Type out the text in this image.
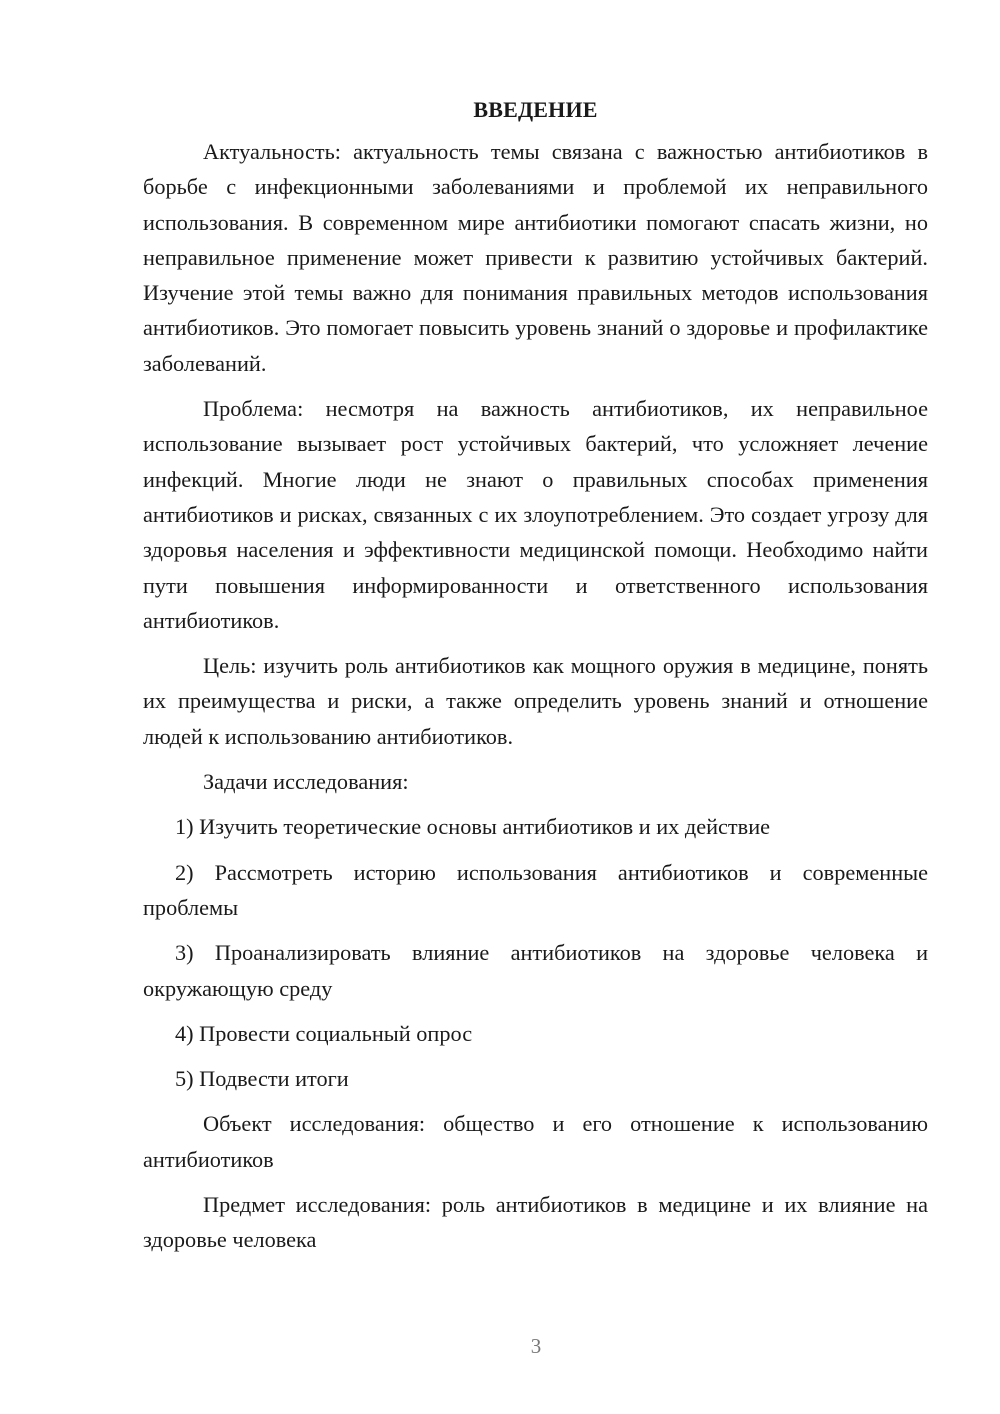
ВВЕДЕНИЕ

Актуальность: актуальность темы связана с важностью антибиотиков в борьбе с инфекционными заболеваниями и проблемой их неправильного использования. В современном мире антибиотики помогают спасать жизни, но неправильное применение может привести к развитию устойчивых бактерий. Изучение этой темы важно для понимания правильных методов использования антибиотиков. Это помогает повысить уровень знаний о здоровье и профилактике заболеваний.

Проблема: несмотря на важность антибиотиков, их неправильное использование вызывает рост устойчивых бактерий, что усложняет лечение инфекций. Многие люди не знают о правильных способах применения антибиотиков и рисках, связанных с их злоупотреблением. Это создает угрозу для здоровья населения и эффективности медицинской помощи. Необходимо найти пути повышения информированности и ответственного использования антибиотиков.

Цель: изучить роль антибиотиков как мощного оружия в медицине, понять их преимущества и риски, а также определить уровень знаний и отношение людей к использованию антибиотиков.

Задачи исследования:

1) Изучить теоретические основы антибиотиков и их действие

2) Рассмотреть историю использования антибиотиков и современные проблемы

3) Проанализировать влияние антибиотиков на здоровье человека и окружающую среду

4) Провести социальный опрос

5) Подвести итоги

Объект исследования: общество и его отношение к использованию антибиотиков

Предмет исследования: роль антибиотиков в медицине и их влияние на здоровье человека

3
